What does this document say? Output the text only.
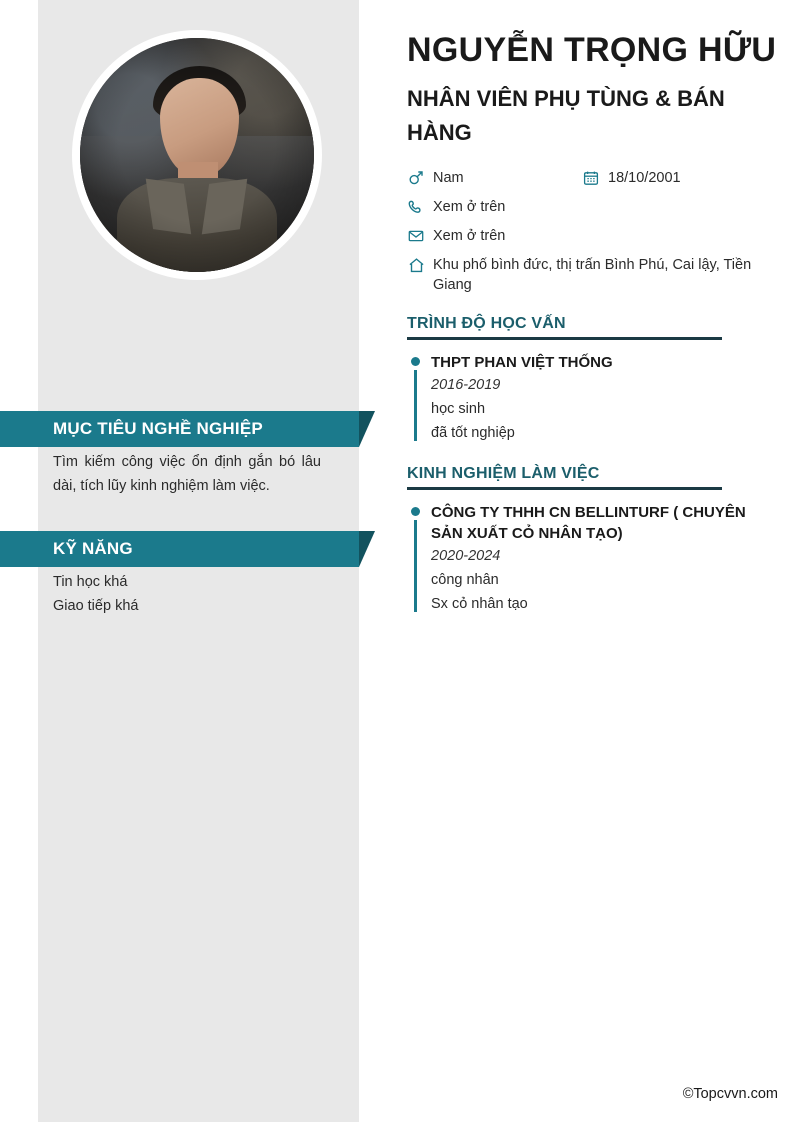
MỤC TIÊU NGHỀ NGHIỆP
Tìm kiếm công việc ổn định gắn bó lâu dài, tích lũy kinh nghiệm làm việc.
KỸ NĂNG
Tin học khá
Giao tiếp khá
NGUYỄN TRỌNG HỮU
NHÂN VIÊN PHỤ TÙNG & BÁN HÀNG
Nam	18/10/2001
Xem ở trên
Xem ở trên
Khu phố bình đức, thị trấn Bình Phú, Cai lậy, Tiền Giang
TRÌNH ĐỘ HỌC VẤN
THPT PHAN VIỆT THỐNG
2016-2019
học sinh
đã tốt nghiệp
KINH NGHIỆM LÀM VIỆC
CÔNG TY THHH CN BELLINTURF ( CHUYÊN SẢN XUẤT CỎ NHÂN TẠO)
2020-2024
công nhân
Sx cỏ nhân tạo
©Topcvvn.com
